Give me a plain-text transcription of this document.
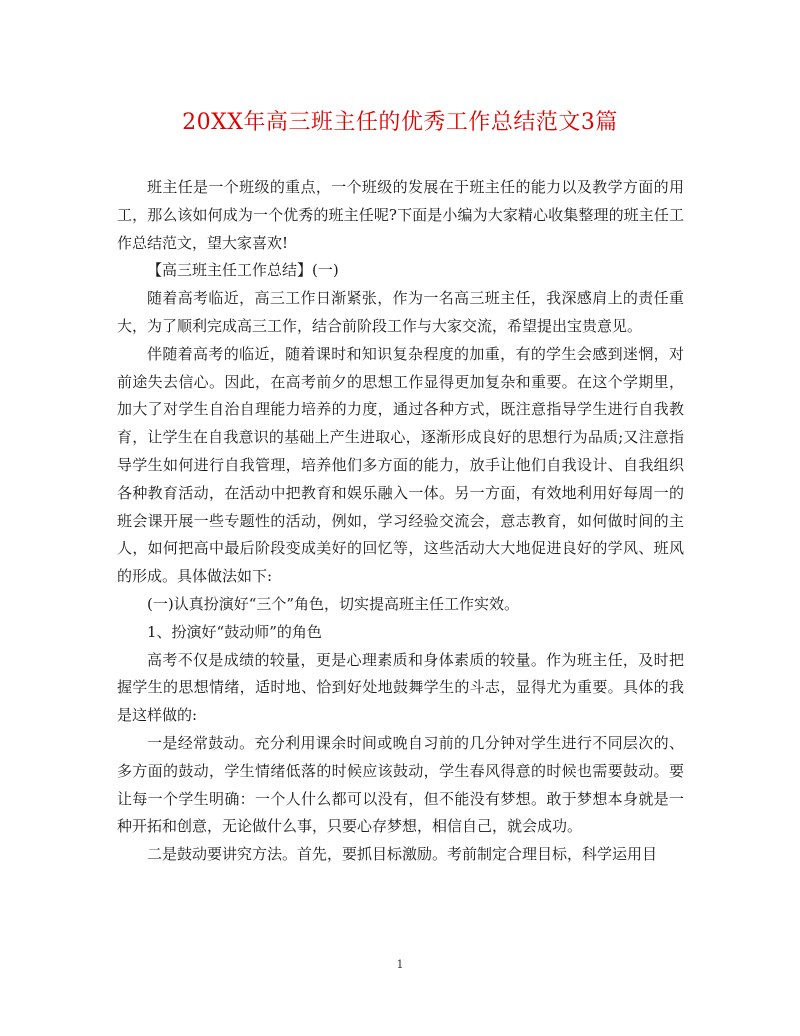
20XX年高三班主任的优秀工作总结范文3篇

班主任是一个班级的重点，一个班级的发展在于班主任的能力以及教学方面的用工，那么该如何成为一个优秀的班主任呢?下面是小编为大家精心收集整理的班主任工作总结范文，望大家喜欢!

【高三班主任工作总结】(一)

随着高考临近，高三工作日渐紧张，作为一名高三班主任，我深感肩上的责任重大，为了顺利完成高三工作，结合前阶段工作与大家交流，希望提出宝贵意见。

伴随着高考的临近，随着课时和知识复杂程度的加重，有的学生会感到迷惘，对前途失去信心。因此，在高考前夕的思想工作显得更加复杂和重要。在这个学期里，加大了对学生自治自理能力培养的力度，通过各种方式，既注意指导学生进行自我教育，让学生在自我意识的基础上产生进取心，逐渐形成良好的思想行为品质;又注意指导学生如何进行自我管理，培养他们多方面的能力，放手让他们自我设计、自我组织各种教育活动，在活动中把教育和娱乐融入一体。另一方面，有效地利用好每周一的班会课开展一些专题性的活动，例如，学习经验交流会，意志教育，如何做时间的主人，如何把高中最后阶段变成美好的回忆等，这些活动大大地促进良好的学风、班风的形成。具体做法如下:

(一)认真扮演好“三个”角色，切实提高班主任工作实效。

1、扮演好“鼓动师”的角色

高考不仅是成绩的较量，更是心理素质和身体素质的较量。作为班主任，及时把握学生的思想情绪，适时地、恰到好处地鼓舞学生的斗志，显得尤为重要。具体的我是这样做的:

一是经常鼓动。充分利用课余时间或晚自习前的几分钟对学生进行不同层次的、多方面的鼓动，学生情绪低落的时候应该鼓动，学生春风得意的时候也需要鼓动。要让每一个学生明确：一个人什么都可以没有，但不能没有梦想。敢于梦想本身就是一种开拓和创意，无论做什么事，只要心存梦想，相信自己，就会成功。

二是鼓动要讲究方法。首先，要抓目标激励。考前制定合理目标，科学运用目

1
